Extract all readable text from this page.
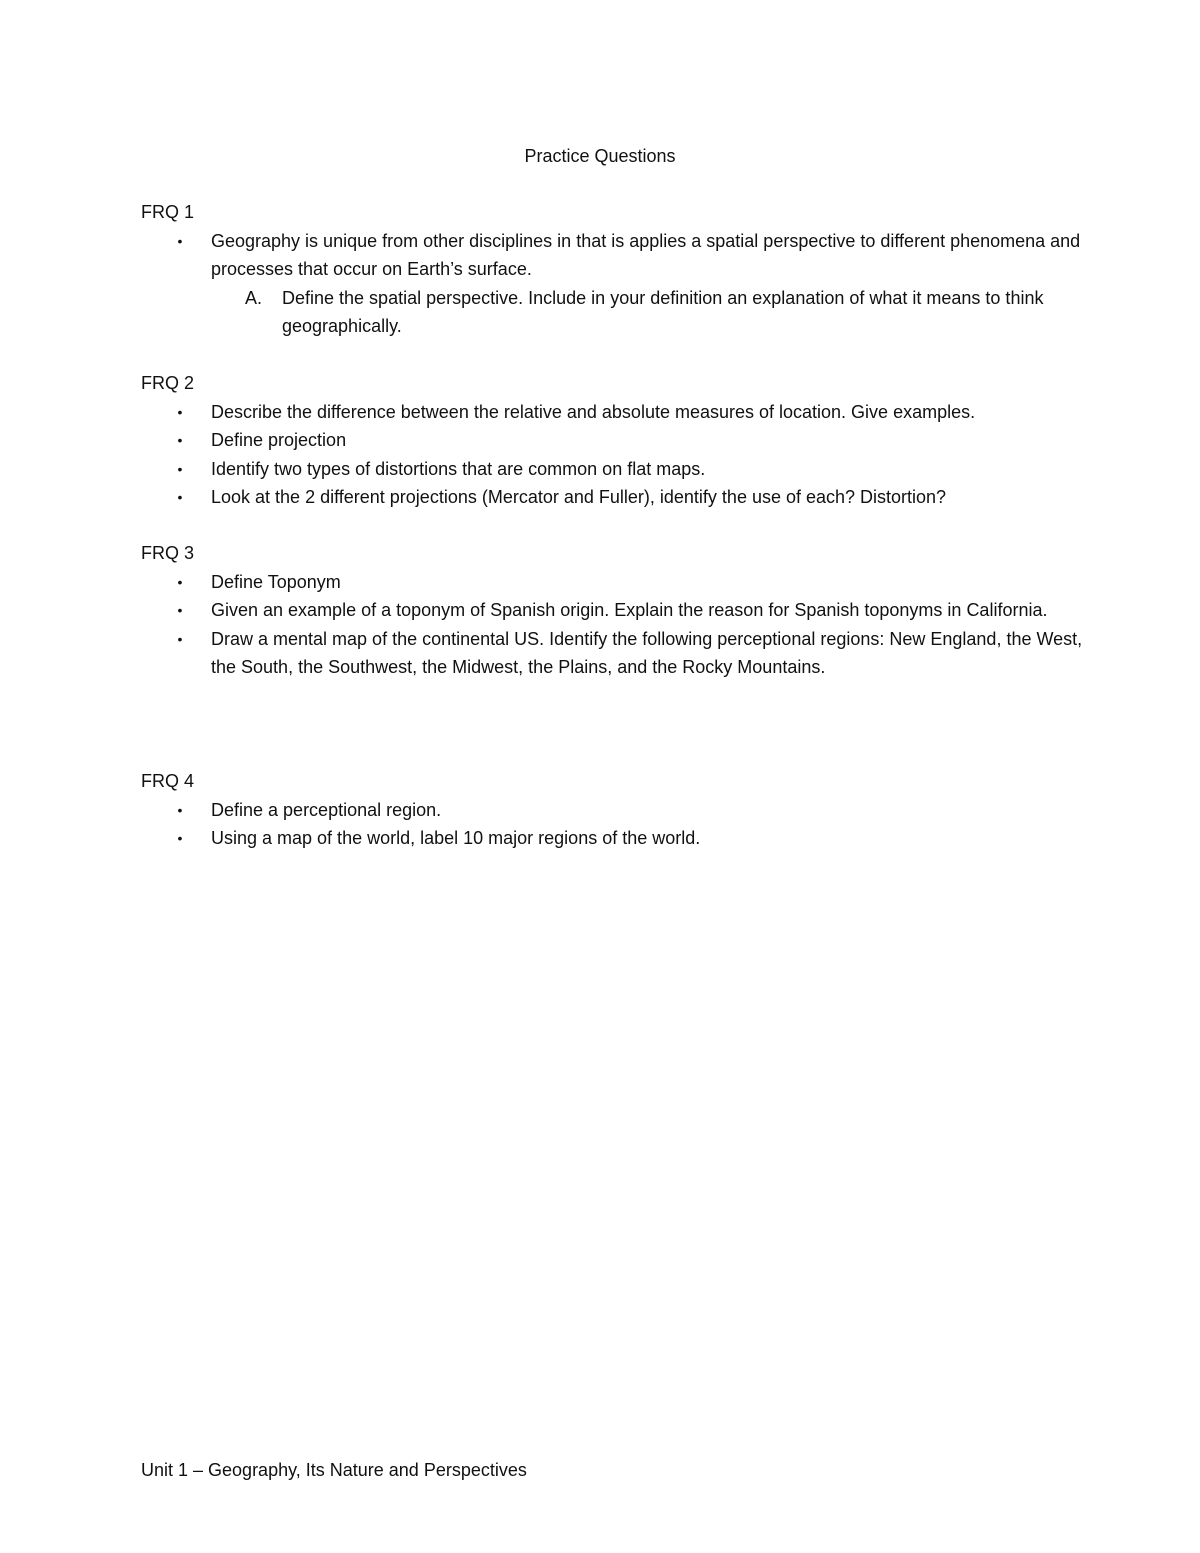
Practice Questions
FRQ 1
• Geography is unique from other disciplines in that is applies a spatial perspective to different phenomena and processes that occur on Earth’s surface.
A. Define the spatial perspective. Include in your definition an explanation of what it means to think geographically.
FRQ 2
• Describe the difference between the relative and absolute measures of location. Give examples.
• Define projection
• Identify two types of distortions that are common on flat maps.
• Look at the 2 different projections (Mercator and Fuller), identify the use of each? Distortion?
FRQ 3
• Define Toponym
• Given an example of a toponym of Spanish origin. Explain the reason for Spanish toponyms in California.
• Draw a mental map of the continental US. Identify the following perceptional regions: New England, the West, the South, the Southwest, the Midwest, the Plains, and the Rocky Mountains.
FRQ 4
• Define a perceptional region.
• Using a map of the world, label 10 major regions of the world.
Unit 1 – Geography, Its Nature and Perspectives
